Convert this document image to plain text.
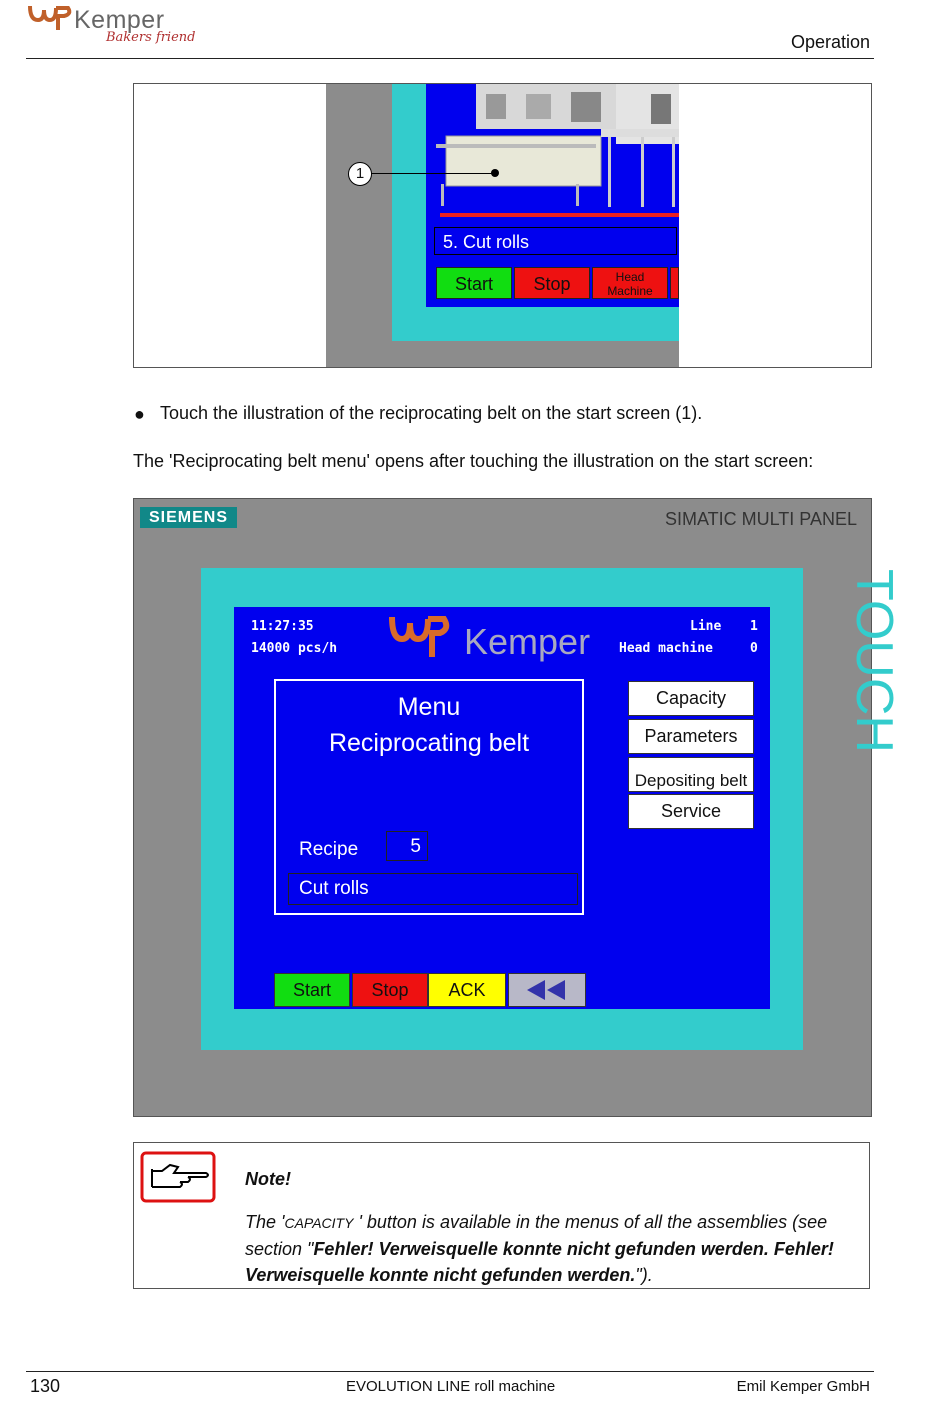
Kemper
Bakers friend	Operation
5. Cut rolls
Start	Stop	Head Machine
1
● Touch the illustration of the reciprocating belt on the start screen (1).
The 'Reciprocating belt menu' opens after touching the illustration on the start screen:
SIEMENS	SIMATIC MULTI PANEL
TOUCH
11:27:35
14000 pcs/h	Kemper	Line 1
Head machine	0
Menu
Reciprocating belt
Recipe	5
Cut rolls
Capacity
Parameters
Depositing belt
Service
Start	Stop	ACK
Note!
The 'CAPACITY ' button is available in the menus of all the assemblies (see section "Fehler! Verweisquelle konnte nicht gefunden werden. Fehler! Verweisquelle konnte nicht gefunden werden.").
130	EVOLUTION LINE roll machine	Emil Kemper GmbH
